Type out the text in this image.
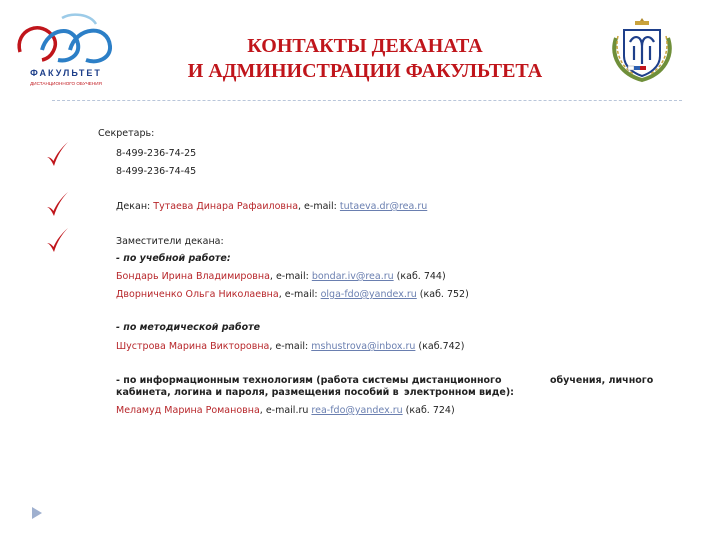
ФАКУЛЬТЕТ
ДИСТАНЦИОННОГО ОБУЧЕНИЯ
КОНТАКТЫ ДЕКАНАТА
И АДМИНИСТРАЦИИ ФАКУЛЬТЕТА
Секретарь:
8-499-236-74-25
8-499-236-74-45
Декан: Тутаева Динара Рафаиловна, e-mail: tutaeva.dr@rea.ru
Заместители декана:
- по учебной работе:
Бондарь Ирина Владимировна, e-mail: bondar.iv@rea.ru (каб. 744)
Дворниченко Ольга Николаевна, e-mail: olga-fdo@yandex.ru (каб. 752)
- по методической работе
Шустрова Марина Викторовна, e-mail: mshustrova@inbox.ru (каб.742)
- по информационным технологиям (работа системы дистанционного	обучения, личного
кабинета, логина и пароля, размещения пособий в электронном виде):
Меламуд Марина Романовна, e-mail.ru rea-fdo@yandex.ru (каб. 724)
